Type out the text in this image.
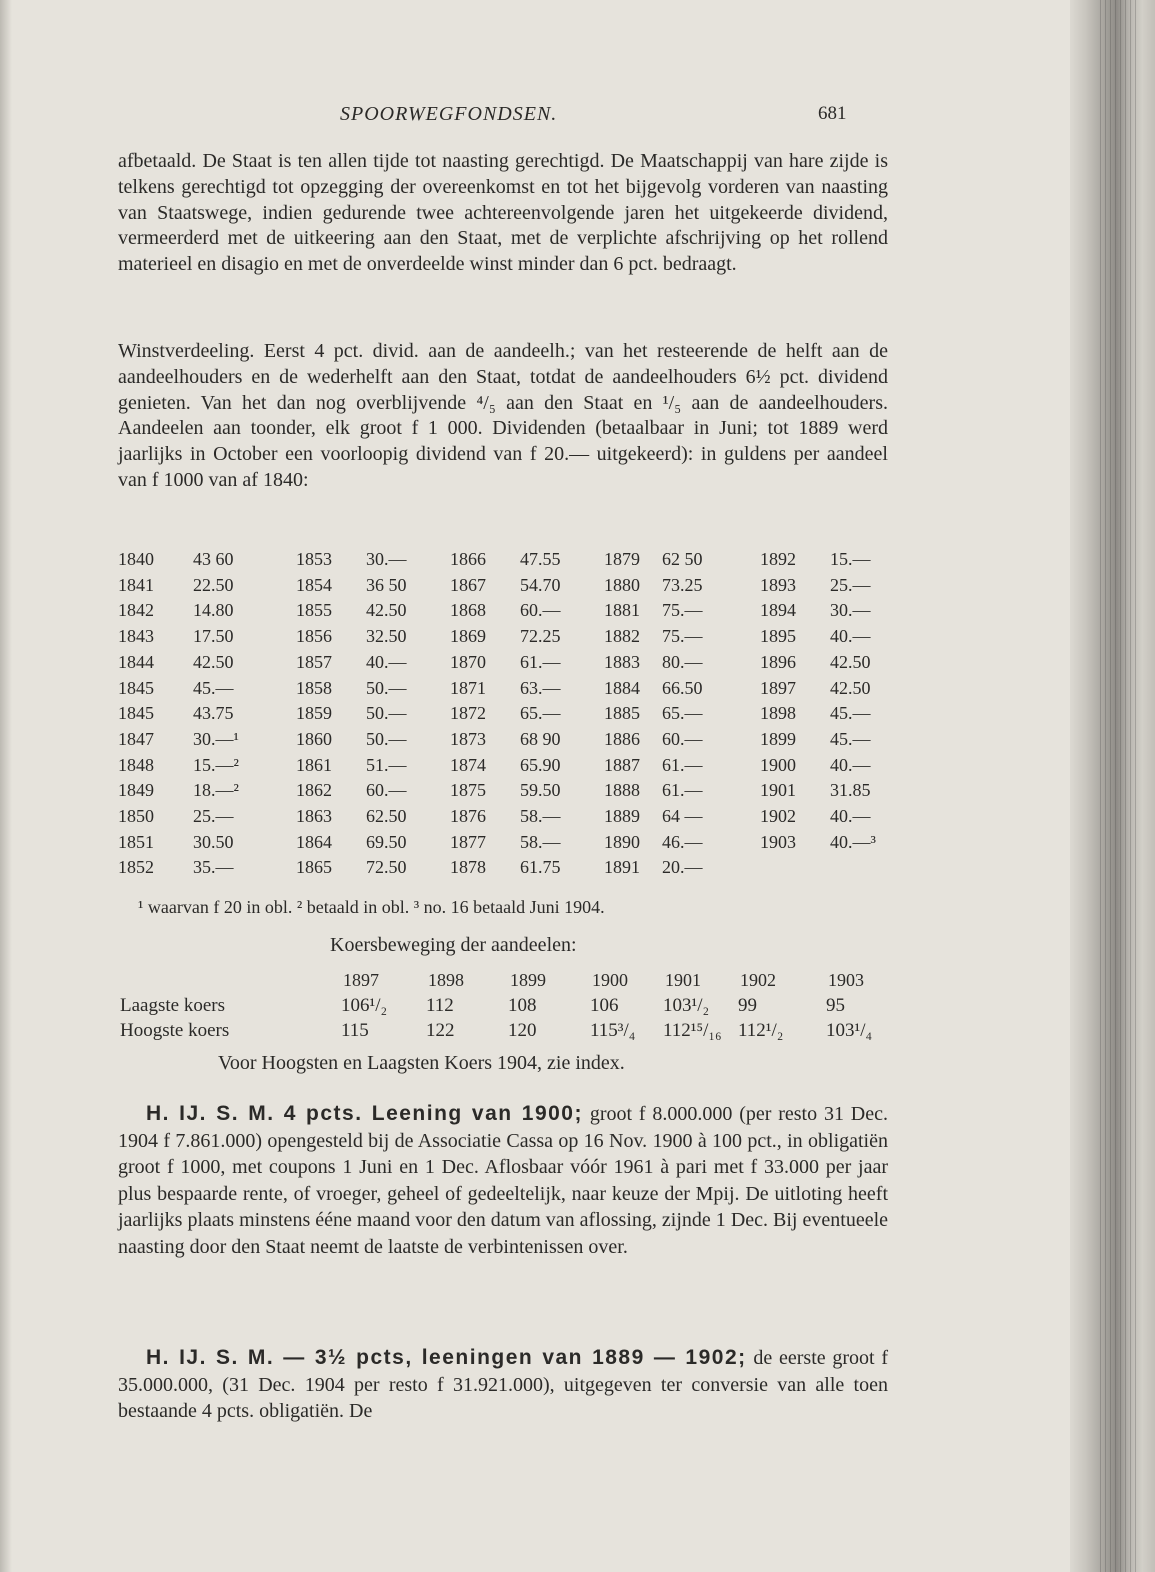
SPOORWEGFONDSEN.	681

afbetaald. De Staat is ten allen tijde tot naasting gerechtigd. De Maatschappij van hare zijde is telkens gerechtigd tot opzegging der overeenkomst en tot het bijgevolg vorderen van naasting van Staatswege, indien gedurende twee achtereenvolgende jaren het uitgekeerde dividend, vermeerderd met de uitkeering aan den Staat, met de verplichte afschrijving op het rollend materieel en disagio en met de onverdeelde winst minder dan 6 pct. bedraagt.

Winstverdeeling. Eerst 4 pct. divid. aan de aandeelh.; van het resteerende de helft aan de aandeelhouders en de wederhelft aan den Staat, totdat de aandeelhouders 6½ pct. dividend genieten. Van het dan nog overblijvende ⁴/₅ aan den Staat en ¹/₅ aan de aandeelhouders. Aandeelen aan toonder, elk groot f 1 000. Dividenden (betaalbaar in Juni; tot 1889 werd jaarlijks in October een voorloopig dividend van f 20.— uitgekeerd): in guldens per aandeel van f 1000 van af 1840:

1840 43 60	1853 30.— 1866 47.55 1879 62 50	1892 15.—
1841 22.50	1854 36 50 1867 54.70 1880 73.25	1893 25.—
1842 14.80	1855 42.50 1868 60.— 1881 75.—	1894 30.—
1843 17.50	1856 32.50 1869 72.25 1882 75.—	1895 40.—
1844 42.50	1857 40.— 1870 61.— 1883 80.—	1896 42.50
1845 45.—	1858 50.— 1871 63.— 1884 66.50	1897 42.50
1845 43.75	1859 50.— 1872 65.— 1885 65.—	1898 45.—
1847 30.—¹	1860 50.— 1873 68 90 1886 60.—	1899 45.—
1848 15.—²	1861 51.— 1874 65.90 1887 61.—	1900 40.—
1849 18.—²	1862 60.— 1875 59.50 1888 61.—	1901 31.85
1850 25.—	1863 62.50 1876 58.— 1889 64 —	1902 40.—
1851 30.50	1864 69.50 1877 58.— 1890 46.—	1903 40.—³
1852 35.—	1865 72.50 1878 61.75 1891 20.—
¹ waarvan f 20 in obl. ² betaald in obl. ³ no. 16 betaald Juni 1904.
Koersbeweging der aandeelen:
1897	1898	1899	1900 1901 1902	1903
Laagste koers	106¹/₂ 112	108	106 103¹/₂ 99	95
Hoogste koers	115	122	120	115³/₄ 112¹⁵/₁₆ 112¹/₂ 103¹/₄
Voor Hoogsten en Laagsten Koers 1904, zie index.

H. IJ. S. M. 4 pcts. Leening van 1900; groot f 8.000.000 (per resto 31 Dec. 1904 f 7.861.000) opengesteld bij de Associatie Cassa op 16 Nov. 1900 à 100 pct., in obligatiën groot f 1000, met coupons 1 Juni en 1 Dec. Aflosbaar vóór 1961 à pari met f 33.000 per jaar plus bespaarde rente, of vroeger, geheel of gedeeltelijk, naar keuze der Mpij. De uitloting heeft jaarlijks plaats minstens ééne maand voor den datum van aflossing, zijnde 1 Dec. Bij eventueele naasting door den Staat neemt de laatste de verbintenissen over.

H. IJ. S. M. — 3½ pcts, leeningen van 1889 — 1902; de eerste groot f 35.000.000, (31 Dec. 1904 per resto f 31.921.000), uitgegeven ter conversie van alle toen bestaande 4 pcts. obligatiën. De
